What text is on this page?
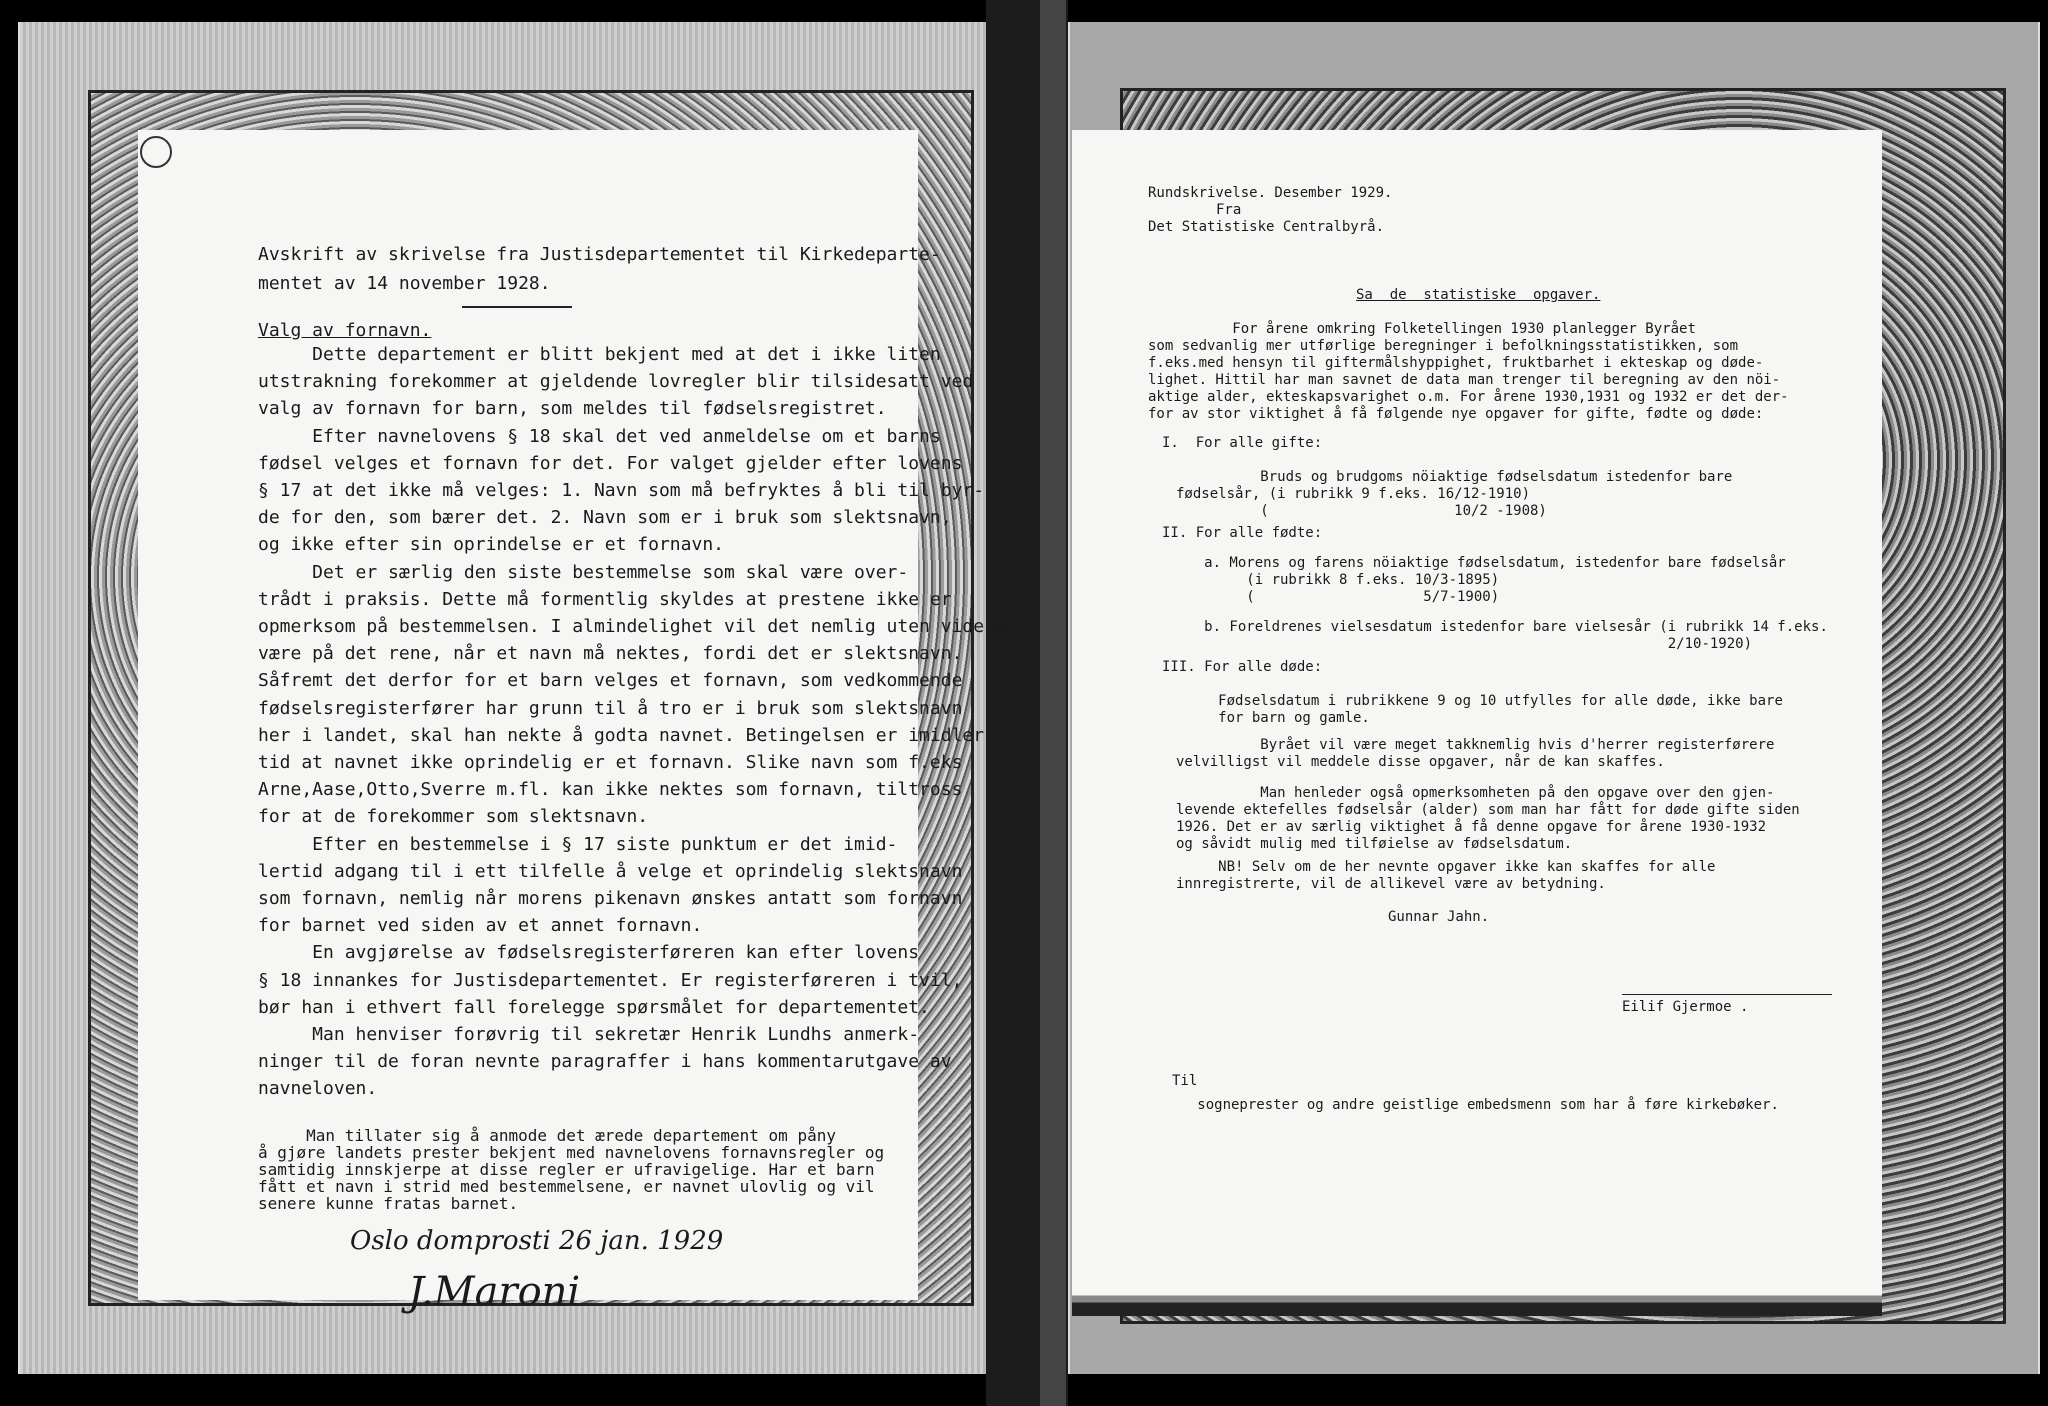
Avskrift av skrivelse fra Justisdepartementet til Kirkedeparte-
mentet av 14 november 1928.
Valg av fornavn.
Dette departement er blitt bekjent med at det i ikke liten
utstrakning forekommer at gjeldende lovregler blir tilsidesatt ved
valg av fornavn for barn, som meldes til fødselsregistret.
Efter navnelovens § 18 skal det ved anmeldelse om et barns
fødsel velges et fornavn for det. For valget gjelder efter lovens
§ 17 at det ikke må velges: 1. Navn som må befryktes å bli til byr-
de for den, som bærer det. 2. Navn som er i bruk som slektsnavn,
og ikke efter sin oprindelse er et fornavn.
Det er særlig den siste bestemmelse som skal være over-
trådt i praksis. Dette må formentlig skyldes at prestene ikke er
opmerksom på bestemmelsen. I almindelighet vil det nemlig uten videre
være på det rene, når et navn må nektes, fordi det er slektsnavn.
Såfremt det derfor for et barn velges et fornavn, som vedkommende
fødselsregisterfører har grunn til å tro er i bruk som slektsnavn
her i landet, skal han nekte å godta navnet. Betingelsen er imidler-
tid at navnet ikke oprindelig er et fornavn. Slike navn som f.eks
Arne,Aase,Otto,Sverre m.fl. kan ikke nektes som fornavn, tiltross
for at de forekommer som slektsnavn.
Efter en bestemmelse i § 17 siste punktum er det imid-
lertid adgang til i ett tilfelle å velge et oprindelig slektsnavn
som fornavn, nemlig når morens pikenavn ønskes antatt som fornavn
for barnet ved siden av et annet fornavn.
En avgjørelse av fødselsregisterføreren kan efter lovens
§ 18 innankes for Justisdepartementet. Er registerføreren i tvil,
bør han i ethvert fall forelegge spørsmålet for departementet.
Man henviser forøvrig til sekretær Henrik Lundhs anmerk-
ninger til de foran nevnte paragraffer i hans kommentarutgave av
navneloven.
Man tillater sig å anmode det ærede departement om påny
å gjøre landets prester bekjent med navnelovens fornavnsregler og
samtidig innskjerpe at disse regler er ufravigelige. Har et barn
fått et navn i strid med bestemmelsene, er navnet ulovlig og vil
senere kunne fratas barnet.
Oslo domprosti 26 jan. 1929
J.Maroni
Rundskrivelse. Desember 1929.
Fra
Det Statistiske Centralbyrå.
Sa  de  statistiske  opgaver.
For årene omkring Folketellingen 1930 planlegger Byrået
som sedvanlig mer utførlige beregninger i befolkningsstatistikken, som
f.eks.med hensyn til giftermålshyppighet, fruktbarhet i ekteskap og døde-
lighet. Hittil har man savnet de data man trenger til beregning av den nöi-
aktige alder, ekteskapsvarighet o.m. For årene 1930,1931 og 1932 er det der-
for av stor viktighet å få følgende nye opgaver for gifte, fødte og døde:
I.  For alle gifte:
Bruds og brudgoms nöiaktige fødselsdatum istedenfor bare
fødselsår, (i rubrikk 9 f.eks. 16/12-1910)
(                      10/2 -1908)
II. For alle fødte:
a. Morens og farens nöiaktige fødselsdatum, istedenfor bare fødselsår
(i rubrikk 8 f.eks. 10/3-1895)
(                    5/7-1900)
b. Foreldrenes vielsesdatum istedenfor bare vielsesår (i rubrikk 14 f.eks.
2/10-1920)
III. For alle døde:
Fødselsdatum i rubrikkene 9 og 10 utfylles for alle døde, ikke bare
for barn og gamle.
Byrået vil være meget takknemlig hvis d'herrer registerførere
velvilligst vil meddele disse opgaver, når de kan skaffes.
Man henleder også opmerksomheten på den opgave over den gjen-
levende ektefelles fødselsår (alder) som man har fått for døde gifte siden
1926. Det er av særlig viktighet å få denne opgave for årene 1930-1932
og såvidt mulig med tilføielse av fødselsdatum.
NB! Selv om de her nevnte opgaver ikke kan skaffes for alle
innregistrerte, vil de allikevel være av betydning.
Gunnar Jahn.
Eilif Gjermoe .
Til
sogneprester og andre geistlige embedsmenn som har å føre kirkebøker.
